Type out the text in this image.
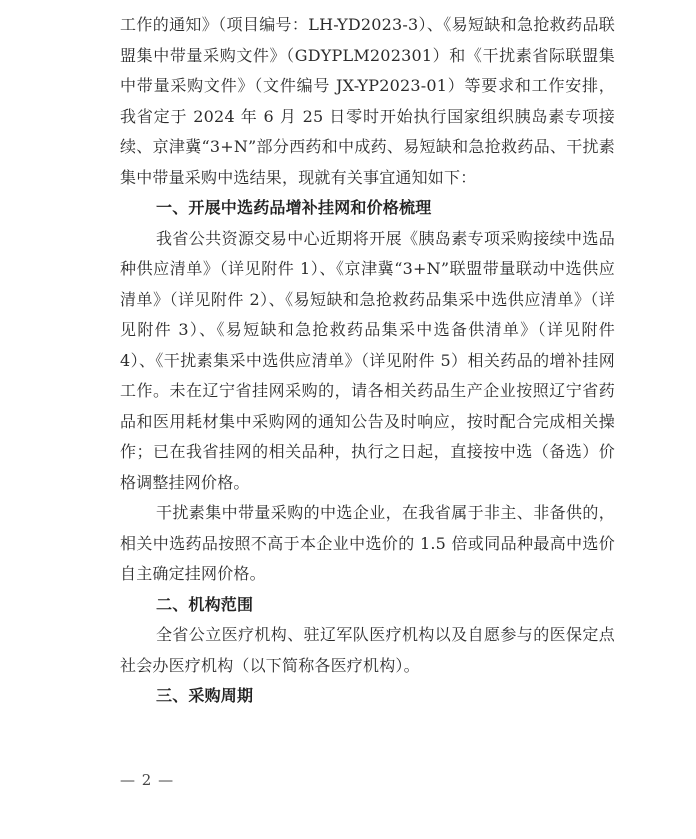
工作的通知》（项目编号：LH-YD2023-3）、《易短缺和急抢救药品联盟集中带量采购文件》（GDYPLM202301）和《干扰素省际联盟集中带量采购文件》（文件编号 JX-YP2023-01）等要求和工作安排，我省定于 2024 年 6 月 25 日零时开始执行国家组织胰岛素专项接续、京津冀“3+N”部分西药和中成药、易短缺和急抢救药品、干扰素集中带量采购中选结果，现就有关事宜通知如下：

一、开展中选药品增补挂网和价格梳理

我省公共资源交易中心近期将开展《胰岛素专项采购接续中选品种供应清单》（详见附件 1）、《京津冀“3+N”联盟带量联动中选供应清单》（详见附件 2）、《易短缺和急抢救药品集采中选供应清单》（详见附件 3）、《易短缺和急抢救药品集采中选备供清单》（详见附件 4）、《干扰素集采中选供应清单》（详见附件 5）相关药品的增补挂网工作。未在辽宁省挂网采购的，请各相关药品生产企业按照辽宁省药品和医用耗材集中采购网的通知公告及时响应，按时配合完成相关操作；已在我省挂网的相关品种，执行之日起，直接按中选（备选）价格调整挂网价格。

干扰素集中带量采购的中选企业，在我省属于非主、非备供的，相关中选药品按照不高于本企业中选价的 1.5 倍或同品种最高中选价自主确定挂网价格。

二、机构范围

全省公立医疗机构、驻辽军队医疗机构以及自愿参与的医保定点社会办医疗机构（以下简称各医疗机构）。

三、采购周期

— 2 —
